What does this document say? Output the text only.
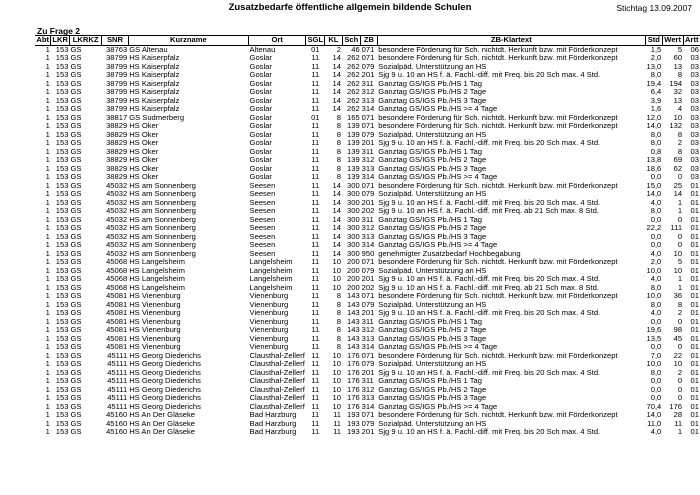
Zusatzbedarfe öffentliche allgemein bildende Schulen	Stichtag 13.09.2007
Zu Frage 2
Abt	LKR	LKRKZ	SNR	Kurzname	Ort	SGL	KL	Sch	ZB	ZB-Klartext	Std	Wert	Artt
1	153	GS	38763	GS Altenau	Altenau	01	2	46	071	besondere Förderung für Sch. nichtdt. Herkunft bzw. mit Förderkonzept	1,5	5	06
1	153	GS	38799	HS Kaiserpfalz	Goslar	11	14	262	071	besondere Förderung für Sch. nichtdt. Herkunft bzw. mit Förderkonzept	2,0	60	03
1	153	GS	38799	HS Kaiserpfalz	Goslar	11	14	262	079	Sozialpäd. Unterstützung an HS	13,0	13	03
1	153	GS	38799	HS Kaiserpfalz	Goslar	11	14	262	201	Sjg 9 u. 10 an HS f. ä. Fachl.-diff. mit Freq. bis 20 Sch max. 4 Std.	8,0	8	03
1	153	GS	38799	HS Kaiserpfalz	Goslar	11	14	262	311	Ganztag GS/IGS Pb./HS 1 Tag	19,4	194	03
1	153	GS	38799	HS Kaiserpfalz	Goslar	11	14	262	312	Ganztag GS/IGS Pb./HS 2 Tage	6,4	32	03
1	153	GS	38799	HS Kaiserpfalz	Goslar	11	14	262	313	Ganztag GS/IGS Pb./HS 3 Tage	3,9	13	03
1	153	GS	38799	HS Kaiserpfalz	Goslar	11	14	262	314	Ganztag GS/IGS Pb./HS >= 4 Tage	1,6	4	03
1	153	GS	38817	GS Sudmerberg	Goslar	01	8	165	071	besondere Förderung für Sch. nichtdt. Herkunft bzw. mit Förderkonzept	12,0	10	03
1	153	GS	38829	HS Oker	Goslar	11	8	139	071	besondere Förderung für Sch. nichtdt. Herkunft bzw. mit Förderkonzept	14,0	132	03
1	153	GS	38829	HS Oker	Goslar	11	8	139	079	Sozialpäd. Unterstützung an HS	8,0	8	03
1	153	GS	38829	HS Oker	Goslar	11	8	139	201	Sjg 9 u. 10 an HS f. ä. Fachl.-diff. mit Freq. bis 20 Sch max. 4 Std.	8,0	2	03
1	153	GS	38829	HS Oker	Goslar	11	8	139	311	Ganztag GS/IGS Pb./HS 1 Tag	0,8	8	03
1	153	GS	38829	HS Oker	Goslar	11	8	139	312	Ganztag GS/IGS Pb./HS 2 Tage	13,8	69	03
1	153	GS	38829	HS Oker	Goslar	11	8	139	313	Ganztag GS/IGS Pb./HS 3 Tage	18,6	62	03
1	153	GS	38829	HS Oker	Goslar	11	8	139	314	Ganztag GS/IGS Pb./HS >= 4 Tage	0,0	0	03
1	153	GS	45032	HS am Sonnenberg	Seesen	11	14	300	071	besondere Förderung für Sch. nichtdt. Herkunft bzw. mit Förderkonzept	15,0	25	01
1	153	GS	45032	HS am Sonnenberg	Seesen	11	14	300	079	Sozialpäd. Unterstützung an HS	14,0	14	01
1	153	GS	45032	HS am Sonnenberg	Seesen	11	14	300	201	Sjg 9 u. 10 an HS f. ä. Fachl.-diff. mit Freq. bis 20 Sch max. 4 Std.	4,0	1	01
1	153	GS	45032	HS am Sonnenberg	Seesen	11	14	300	202	Sjg 9 u. 10 an HS f. ä. Fachl.-diff. mit Freq. ab 21 Sch max. 8 Std.	8,0	1	01
1	153	GS	45032	HS am Sonnenberg	Seesen	11	14	300	311	Ganztag GS/IGS Pb./HS 1 Tag	0,0	0	01
1	153	GS	45032	HS am Sonnenberg	Seesen	11	14	300	312	Ganztag GS/IGS Pb./HS 2 Tage	22,2	111	01
1	153	GS	45032	HS am Sonnenberg	Seesen	11	14	300	313	Ganztag GS/IGS Pb./HS 3 Tage	0,0	0	01
1	153	GS	45032	HS am Sonnenberg	Seesen	11	14	300	314	Ganztag GS/IGS Pb./HS >= 4 Tage	0,0	0	01
1	153	GS	45032	HS am Sonnenberg	Seesen	11	14	300	950	genehmigter Zusatzbedarf Hochbegabung	4,0	10	01
1	153	GS	45068	HS Langelsheim	Langelsheim	11	10	200	071	besondere Förderung für Sch. nichtdt. Herkunft bzw. mit Förderkonzept	2,0	5	01
1	153	GS	45068	HS Langelsheim	Langelsheim	11	10	200	079	Sozialpäd. Unterstützung an HS	10,0	10	01
1	153	GS	45068	HS Langelsheim	Langelsheim	11	10	200	201	Sjg 9 u. 10 an HS f. ä. Fachl.-diff. mit Freq. bis 20 Sch max. 4 Std.	4,0	1	01
1	153	GS	45068	HS Langelsheim	Langelsheim	11	10	200	202	Sjg 9 u. 10 an HS f. ä. Fachl.-diff. mit Freq. ab 21 Sch max. 8 Std.	8,0	1	01
1	153	GS	45081	HS Vienenburg	Vienenburg	11	8	143	071	besondere Förderung für Sch. nichtdt. Herkunft bzw. mit Förderkonzept	10,0	36	01
1	153	GS	45081	HS Vienenburg	Vienenburg	11	8	143	079	Sozialpäd. Unterstützung an HS	8,0	8	01
1	153	GS	45081	HS Vienenburg	Vienenburg	11	8	143	201	Sjg 9 u. 10 an HS f. ä. Fachl.-diff. mit Freq. bis 20 Sch max. 4 Std.	4,0	2	01
1	153	GS	45081	HS Vienenburg	Vienenburg	11	8	143	311	Ganztag GS/IGS Pb./HS 1 Tag	0,0	0	01
1	153	GS	45081	HS Vienenburg	Vienenburg	11	8	143	312	Ganztag GS/IGS Pb./HS 2 Tage	19,6	98	01
1	153	GS	45081	HS Vienenburg	Vienenburg	11	8	143	313	Ganztag GS/IGS Pb./HS 3 Tage	13,5	45	01
1	153	GS	45081	HS Vienenburg	Vienenburg	11	8	143	314	Ganztag GS/IGS Pb./HS >= 4 Tage	0,0	0	01
1	153	GS	45111	HS Georg Diederichs	Clausthal-Zellerf	11	10	176	071	besondere Förderung für Sch. nichtdt. Herkunft bzw. mit Förderkonzept	7,0	22	01
1	153	GS	45111	HS Georg Diederichs	Clausthal-Zellerf	11	10	176	079	Sozialpäd. Unterstützung an HS	10,0	10	01
1	153	GS	45111	HS Georg Diederichs	Clausthal-Zellerf	11	10	176	201	Sjg 9 u. 10 an HS f. ä. Fachl.-diff. mit Freq. bis 20 Sch max. 4 Std.	8,0	2	01
1	153	GS	45111	HS Georg Diederichs	Clausthal-Zellerf	11	10	176	311	Ganztag GS/IGS Pb./HS 1 Tag	0,0	0	01
1	153	GS	45111	HS Georg Diederichs	Clausthal-Zellerf	11	10	176	312	Ganztag GS/IGS Pb./HS 2 Tage	0,0	0	01
1	153	GS	45111	HS Georg Diederichs	Clausthal-Zellerf	11	10	176	313	Ganztag GS/IGS Pb./HS 3 Tage	0,0	0	01
1	153	GS	45111	HS Georg Diederichs	Clausthal-Zellerf	11	10	176	314	Ganztag GS/IGS Pb./HS >= 4 Tage	70,4	176	01
1	153	GS	45160	HS An Der Gläseke	Bad Harzburg	11	11	193	071	besondere Förderung für Sch. nichtdt. Herkunft bzw. mit Förderkonzept	14,0	28	01
1	153	GS	45160	HS An Der Gläseke	Bad Harzburg	11	11	193	079	Sozialpäd. Unterstützung an HS	11,0	11	01
1	153	GS	45160	HS An Der Gläseke	Bad Harzburg	11	11	193	201	Sjg 9 u. 10 an HS f. ä. Fachl.-diff. mit Freq. bis 20 Sch max. 4 Std.	4,0	1	01
